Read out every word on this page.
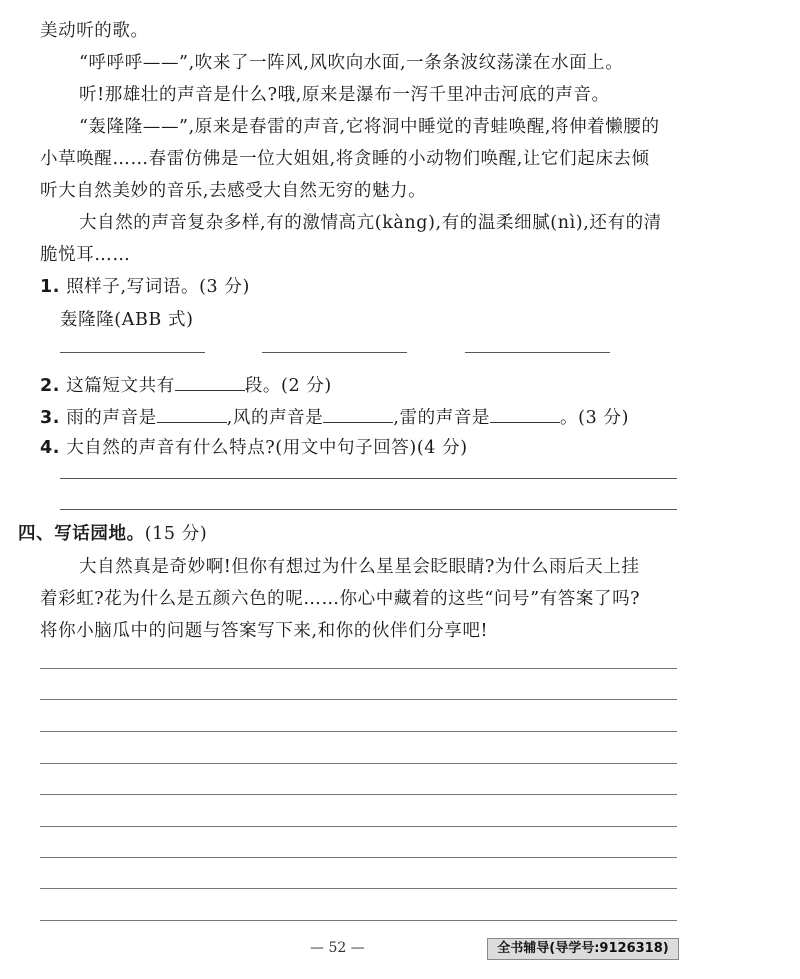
美动听的歌。
“呼呼呼——”,吹来了一阵风,风吹向水面,一条条波纹荡漾在水面上。
听!那雄壮的声音是什么?哦,原来是瀑布一泻千里冲击河底的声音。
“轰隆隆——”,原来是春雷的声音,它将洞中睡觉的青蛙唤醒,将伸着懒腰的
小草唤醒……春雷仿佛是一位大姐姐,将贪睡的小动物们唤醒,让它们起床去倾
听大自然美妙的音乐,去感受大自然无穷的魅力。
大自然的声音复杂多样,有的激情高亢(kàng),有的温柔细腻(nì),还有的清
脆悦耳……
1. 照样子,写词语。(3 分)
轰隆隆(ABB 式)
2. 这篇短文共有	段。(2 分)
3. 雨的声音是	,风的声音是	,雷的声音是	。(3 分)
4. 大自然的声音有什么特点?(用文中句子回答)(4 分)
四、写话园地。(15 分)
大自然真是奇妙啊!但你有想过为什么星星会眨眼睛?为什么雨后天上挂
着彩虹?花为什么是五颜六色的呢……你心中藏着的这些“问号”有答案了吗?
将你小脑瓜中的问题与答案写下来,和你的伙伴们分享吧!
— 52 —	全书辅导(导学号:9126318)
